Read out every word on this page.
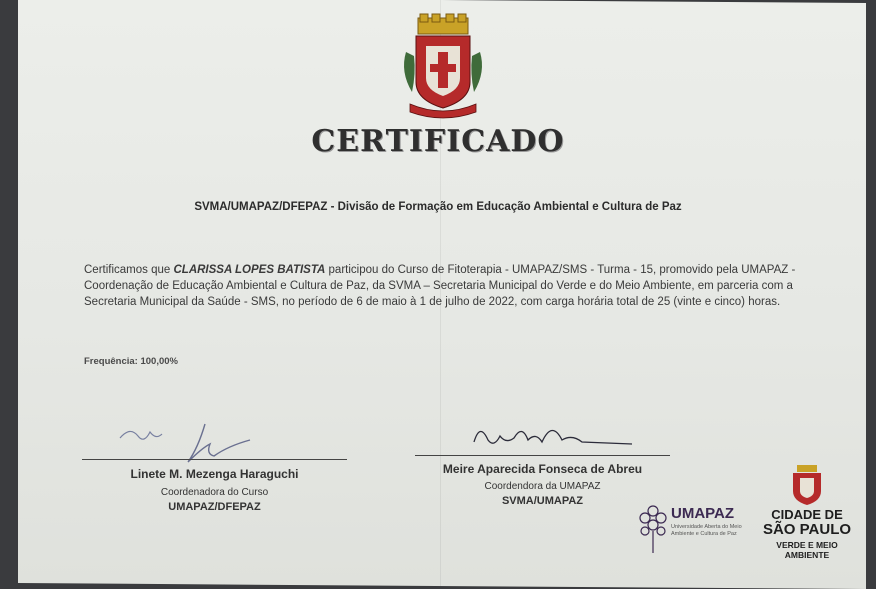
CERTIFICADO
SVMA/UMAPAZ/DFEPAZ - Divisão de Formação em Educação Ambiental e Cultura de Paz
Certificamos que CLARISSA LOPES BATISTA participou do Curso de Fitoterapia - UMAPAZ/SMS - Turma - 15, promovido pela UMAPAZ - Coordenação de Educação Ambiental e Cultura de Paz, da SVMA – Secretaria Municipal do Verde e do Meio Ambiente, em parceria com a Secretaria Municipal da Saúde - SMS, no período de 6 de maio à 1 de julho de 2022, com carga horária total de 25 (vinte e cinco) horas.
Frequência: 100,00%
Linete M. Mezenga Haraguchi
Coordenadora do Curso
UMAPAZ/DFEPAZ
Meire Aparecida Fonseca de Abreu
Coordendora da UMAPAZ
SVMA/UMAPAZ
UMAPAZ
Universidade Aberta do Meio Ambiente e Cultura de Paz
CIDADE DE
SÃO PAULO
VERDE E MEIO AMBIENTE
